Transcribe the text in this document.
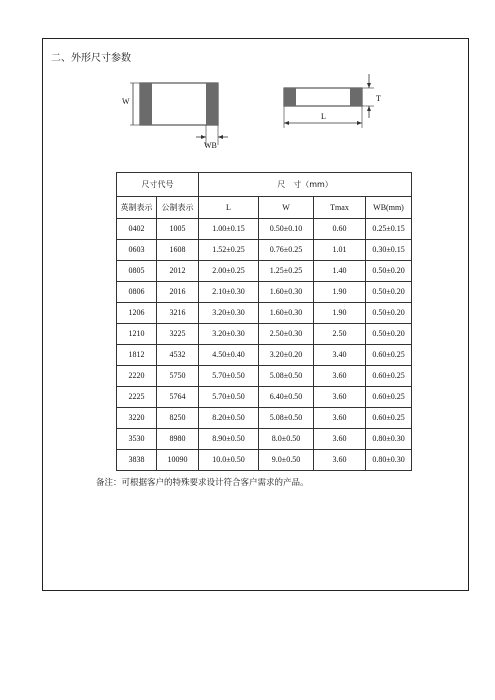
二、外形尺寸参数
W
WB
T
L
尺寸代号		尺　寸（mm）			
英制表示	公制表示	L	W	Tmax	WB(mm)
0402	1005	1.00±0.15	0.50±0.10	0.60	0.25±0.15
0603	1608	1.52±0.25	0.76±0.25	1.01	0.30±0.15
0805	2012	2.00±0.25	1.25±0.25	1.40	0.50±0.20
0806	2016	2.10±0.30	1.60±0.30	1.90	0.50±0.20
1206	3216	3.20±0.30	1.60±0.30	1.90	0.50±0.20
1210	3225	3.20±0.30	2.50±0.30	2.50	0.50±0.20
1812	4532	4.50±0.40	3.20±0.20	3.40	0.60±0.25
2220	5750	5.70±0.50	5.08±0.50	3.60	0.60±0.25
2225	5764	5.70±0.50	6.40±0.50	3.60	0.60±0.25
3220	8250	8.20±0.50	5.08±0.50	3.60	0.60±0.25
3530	8980	8.90±0.50	8.0±0.50	3.60	0.80±0.30
3838	10090	10.0±0.50	9.0±0.50	3.60	0.80±0.30
备注：可根据客户的特殊要求设计符合客户需求的产品。
